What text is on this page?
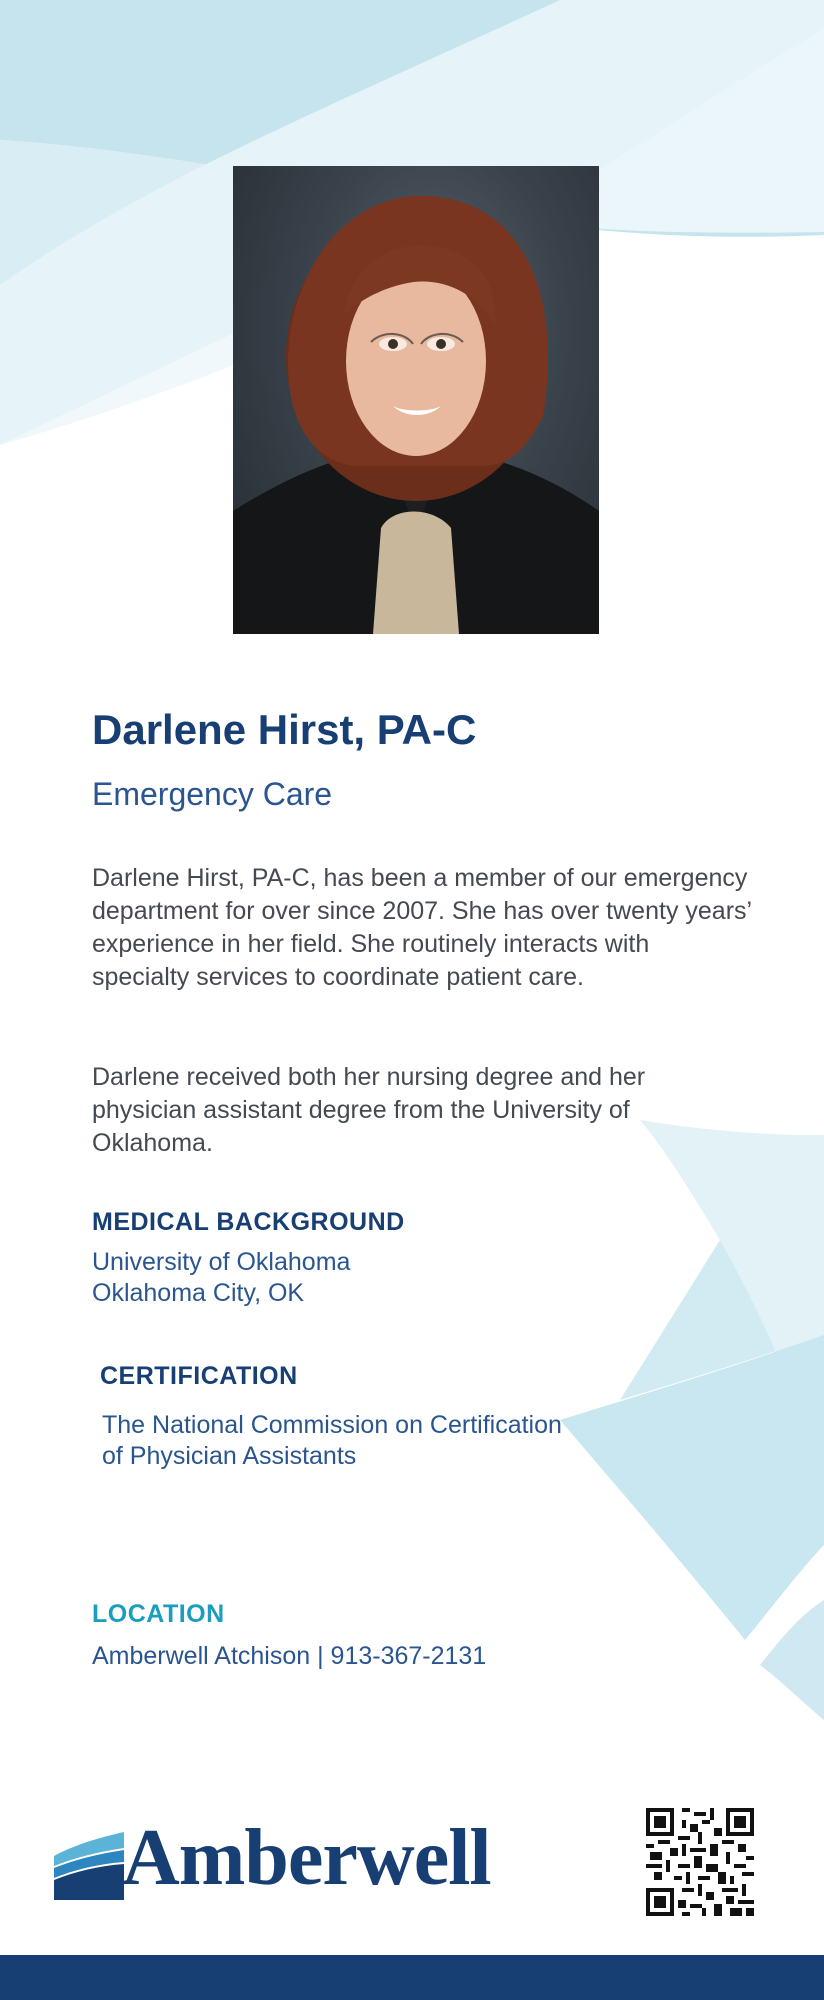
Darlene Hirst, PA-C

Emergency Care

Darlene Hirst, PA-C, has been a member of our emergency department for over since 2007. She has over twenty years’ experience in her field. She routinely interacts with specialty services to coordinate patient care.

Darlene received both her nursing degree and her physician assistant degree from the University of Oklahoma.

MEDICAL BACKGROUND

University of Oklahoma

Oklahoma City, OK

CERTIFICATION

The National Commission on Certification

of Physician Assistants

LOCATION

Amberwell Atchison | 913-367-2131

Amberwell
